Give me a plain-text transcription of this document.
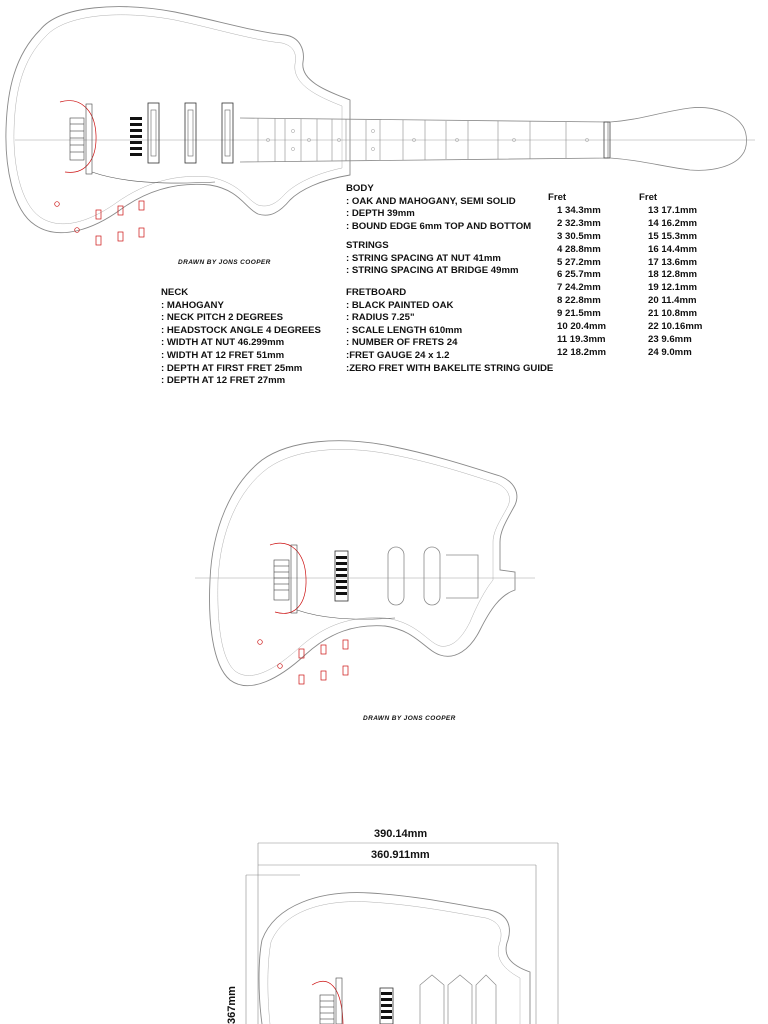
DRAWN BY JONS COOPER
DRAWN BY JONS COOPER
BODY
: OAK AND MAHOGANY, SEMI SOLID
: DEPTH 39mm
: BOUND EDGE 6mm TOP AND BOTTOM
STRINGS
: STRING SPACING AT NUT 41mm
: STRING SPACING AT BRIDGE 49mm
FRETBOARD
: BLACK PAINTED OAK
: RADIUS 7.25"
: SCALE LENGTH 610mm
: NUMBER OF FRETS 24
:FRET GAUGE 24 x 1.2
:ZERO FRET WITH BAKELITE STRING GUIDE
NECK
: MAHOGANY
: NECK PITCH 2 DEGREES
: HEADSTOCK ANGLE 4 DEGREES
: WIDTH AT NUT 46.299mm
: WIDTH AT 12 FRET 51mm
: DEPTH AT FIRST FRET 25mm
: DEPTH AT 12 FRET 27mm
Fret
1 34.3mm
2 32.3mm
3 30.5mm
4 28.8mm
5 27.2mm
6 25.7mm
7 24.2mm
8 22.8mm
9 21.5mm
10 20.4mm
11 19.3mm
12 18.2mm
Fret
13 17.1mm
14 16.2mm
15 15.3mm
16 14.4mm
17 13.6mm
18 12.8mm
19 12.1mm
20 11.4mm
21 10.8mm
22 10.16mm
23 9.6mm
24 9.0mm
390.14mm
360.911mm
367mm
